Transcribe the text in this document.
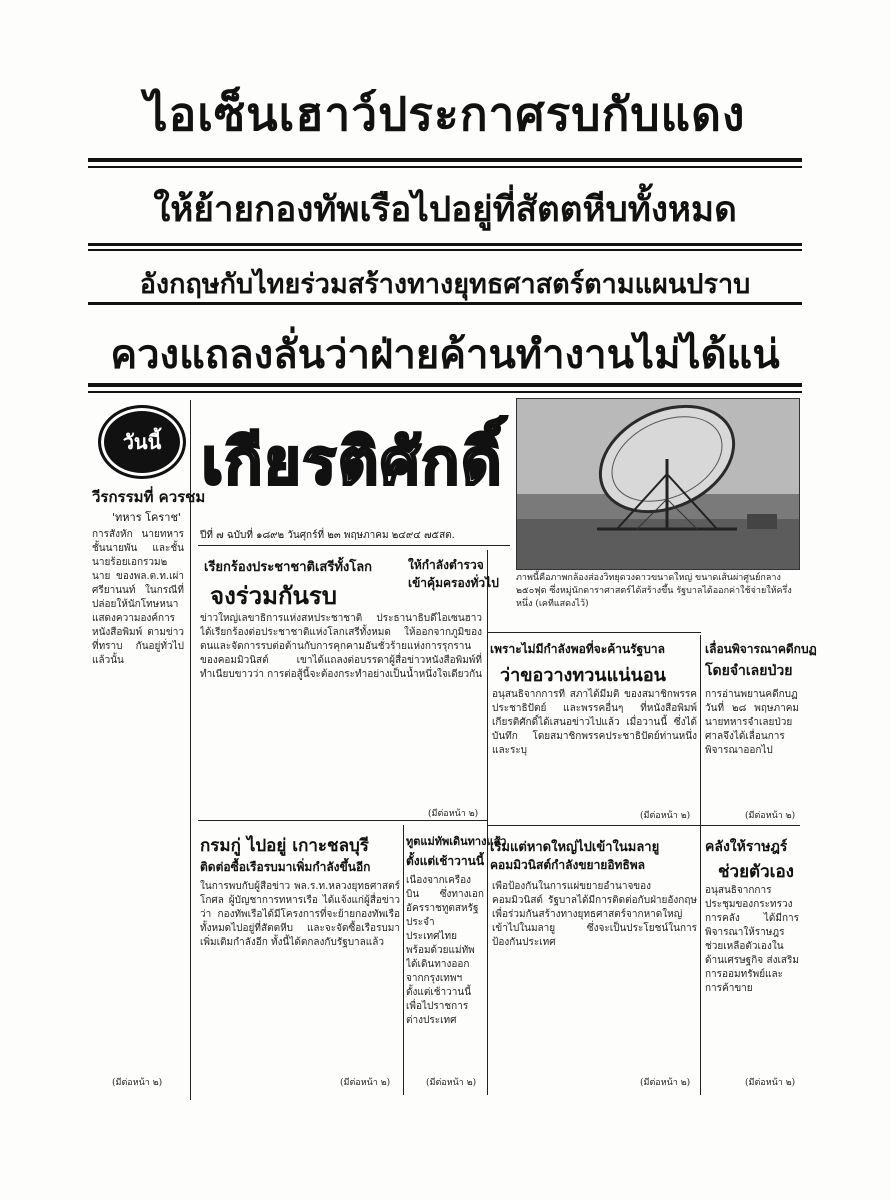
ไอเซ็นเฮาว์ประกาศรบกับแดง
ให้ย้ายกองทัพเรือไปอยู่ที่สัตตหีบทั้งหมด
อังกฤษกับไทยร่วมสร้างทางยุทธศาสตร์ตามแผนปราบ
ควงแถลงลั่นว่าฝ่ายค้านทำงานไม่ได้แน่
วันนี้ เกียรติศักดิ์
ปีที่ ๗ ฉบับที่ ๑๘๙๒ วันศุกร์ที่ ๒๓ พฤษภาคม ๒๔๙๔ ๗๕สต.
ภาพนี้คือภาพกล้องส่องวิทยุดวงดาวขนาดใหญ่ ขนาดเส้นผ่าศูนย์กลาง ๒๕๐ฟุต ซึ่งหมู่นักดาราศาสตร์ได้สร้างขึ้น รัฐบาลได้ออกค่าใช้จ่ายให้ครึ่งหนึ่ง (เคทีแสดงไว้)
วีรกรรมที่ ควรชม
'ทหาร โคราช'
การสังหัก นายทหารชั้นนายพัน และชั้นนายร้อยเอกรวม๒ นาย ของพล.ต.ท.เผ่า ศรียานนท์ ในกรณีที่ปล่อยให้นักโทษหนาแสดงความองค์การหนังสือพิมพ์ ตามข่าวที่ทราบ กันอยู่ทั่วไปแล้วนั้น
(มีต่อหน้า ๒)
เรียกร้องประชาชาติเสรีทั้งโลก
จงร่วมกันรบ
ข่าวใหญ่เลขาธิการแห่งสหประชาชาติ ประธานาธิบดีไอเซนฮาวได้เรียกร้องต่อประชาชาติแห่งโลกเสรีทั้งหมด ให้ออกจากภูมิของตนและจัดการรบต่อต้านกับการคุกคามอันชั่วร้ายแห่งการรุกรานของคอมมิวนิสต์ เขาได้แถลงต่อบรรดาผู้สื่อข่าวหนังสือพิมพ์ที่ทำเนียบขาวว่า การต่อสู้นี้จะต้องกระทำอย่างเป็นน้ำหนึ่งใจเดียวกัน
(มีต่อหน้า ๒)
ให้กำลังตำรวจ
เข้าคุ้มครองทั่วไป
เพราะไม่มีกำลังพอที่จะค้านรัฐบาล
ว่าขอวางทวนแน่นอน
อนุสนธิจากการที่ สภาได้มีมติ ของสมาชิกพรรคประชาธิปัตย์ และพรรคอื่นๆ ที่หนังสือพิมพ์เกียรติศักดิ์ได้เสนอข่าวไปแล้ว เมื่อวานนี้ ซึ่งได้บันทึก โดยสมาชิกพรรคประชาธิปัตย์ท่านหนึ่ง และระบุ
(มีต่อหน้า ๒)
เลื่อนพิจารณาคดีกบฏ
โดยจำเลยป่วย
การอ่านพยานคดีกบฏวันที่ ๒๘ พฤษภาคม นายทหารจำเลยป่วย ศาลจึงได้เลื่อนการพิจารณาออกไป
(มีต่อหน้า ๒)
กรมกู่ ไปอยู่ เกาะชลบุรี
ติดต่อซื้อเรือรบมาเพิ่มกำลังขึ้นอีก
ในการพบกับผู้สื่อข่าว พล.ร.ท.หลวงยุทธศาสตร์โกศล ผู้บัญชาการทหารเรือ ได้แจ้งแก่ผู้สื่อข่าวว่า กองทัพเรือได้มีโครงการที่จะย้ายกองทัพเรือทั้งหมดไปอยู่ที่สัตตหีบ และจะจัดซื้อเรือรบมาเพิ่มเติมกำลังอีก ทั้งนี้ได้ตกลงกับรัฐบาลแล้ว
(มีต่อหน้า ๒)
ทูตแม่ทัพเดินทางแล้ว
ตั้งแต่เช้าวานนี้
เนื่องจากเครื่องบิน ซึ่งทางเอกอัครราชทูตสหรัฐประจำประเทศไทย พร้อมด้วยแม่ทัพ ได้เดินทางออกจากกรุงเทพฯ ตั้งแต่เช้าวานนี้ เพื่อไปราชการต่างประเทศ
(มีต่อหน้า ๒)
เริ่มแต่หาดใหญ่ไปเข้าในมลายู
คอมมิวนิสต์กำลังขยายอิทธิพล
เพื่อป้องกันในการแผ่ขยายอำนาจของคอมมิวนิสต์ รัฐบาลได้มีการติดต่อกับฝ่ายอังกฤษ เพื่อร่วมกันสร้างทางยุทธศาสตร์จากหาดใหญ่เข้าไปในมลายู ซึ่งจะเป็นประโยชน์ในการป้องกันประเทศ
(มีต่อหน้า ๒)
คลังให้ราษฎร์
ช่วยตัวเอง
อนุสนธิจากการประชุมของกระทรวงการคลัง ได้มีการพิจารณาให้ราษฎรช่วยเหลือตัวเองในด้านเศรษฐกิจ ส่งเสริมการออมทรัพย์และการค้าขาย
(มีต่อหน้า ๒)
